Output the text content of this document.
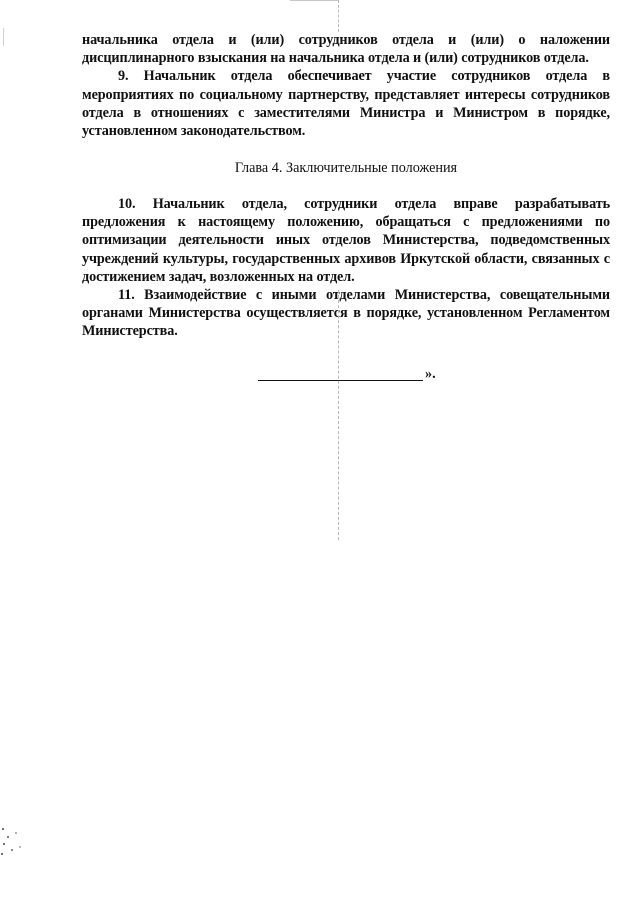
начальника отдела и (или) сотрудников отдела и (или) о наложении дисциплинарного взыскания на начальника отдела и (или) сотрудников отдела.

9. Начальник отдела обеспечивает участие сотрудников отдела в мероприятиях по социальному партнерству, представляет интересы сотрудников отдела в отношениях с заместителями Министра и Министром в порядке, установленном законодательством.

Глава 4. Заключительные положения

10. Начальник отдела, сотрудники отдела вправе разрабатывать предложения к настоящему положению, обращаться с предложениями по оптимизации деятельности иных отделов Министерства, подведомственных учреждений культуры, государственных архивов Иркутской области, связанных с достижением задач, возложенных на отдел.

11. Взаимодействие с иными отделами Министерства, совещательными органами Министерства осуществляется в порядке, установленном Регламентом Министерства.

».
